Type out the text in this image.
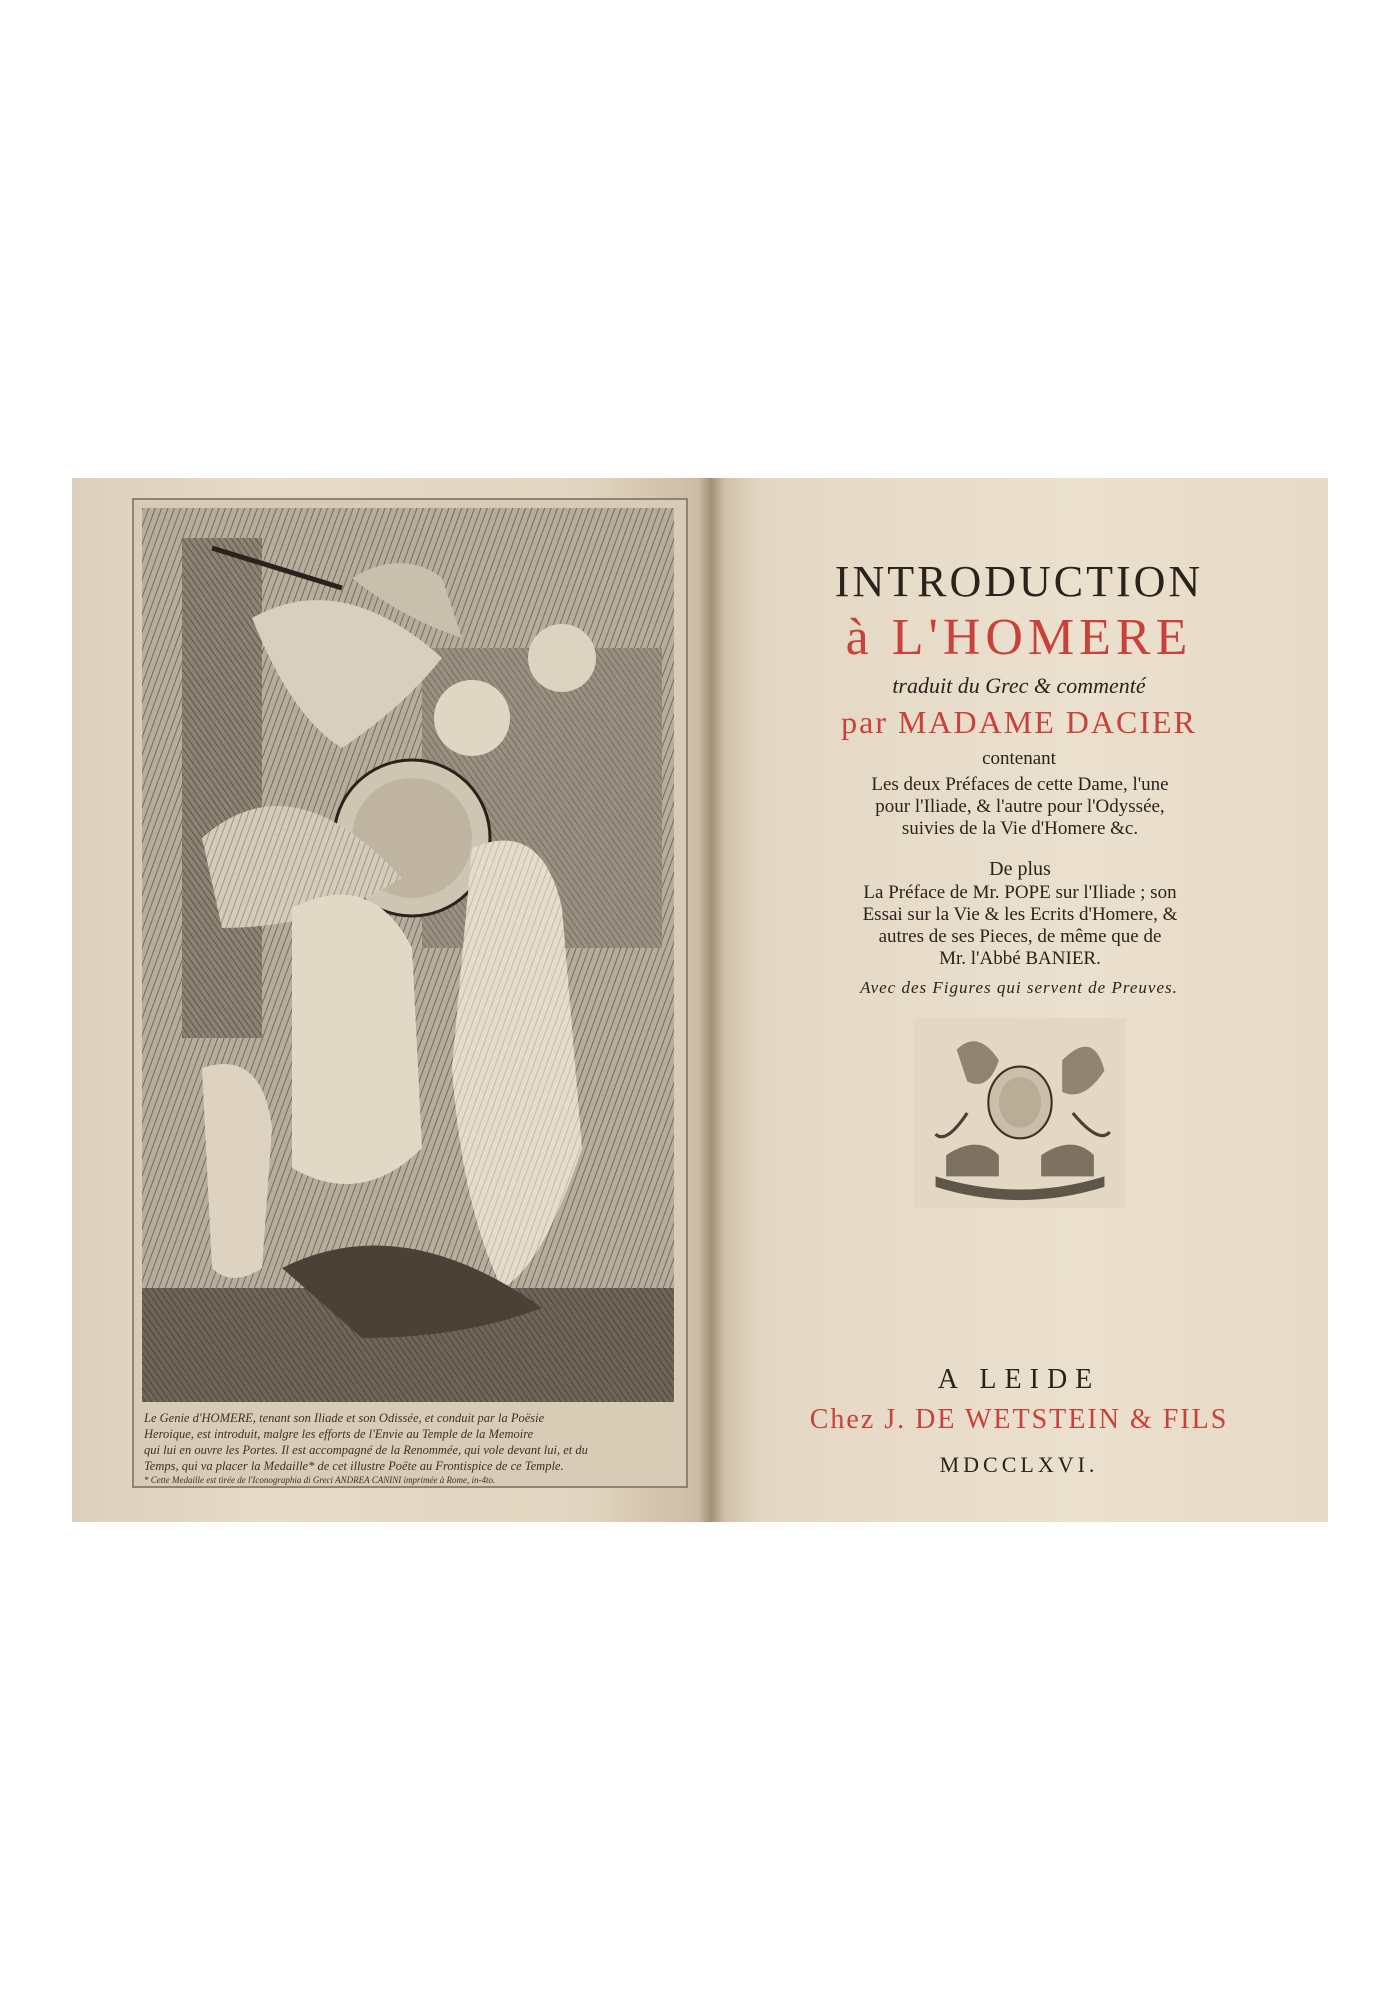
Le Genie d'HOMERE, tenant son Iliade et son Odissée, et conduit par la Poësie
Heroique, est introduit, malgre les efforts de l'Envie au Temple de la Memoire
qui lui en ouvre les Portes. Il est accompagné de la Renommée, qui vole devant lui, et du
Temps, qui va placer la Medaille* de cet illustre Poëte au Frontispice de ce Temple.
* Cette Medaille est tirée de l'Iconographia di Greci ANDREA CANINI imprimée à Rome, in-4to.
INTRODUCTION
à L'HOMERE
traduit du Grec & commenté
par MADAME DACIER
contenant
Les deux Préfaces de cette Dame, l'une
pour l'Iliade, & l'autre pour l'Odyssée,
suivies de la Vie d'Homere &c.
De plus
La Préface de Mr. POPE sur l'Iliade ; son
Essai sur la Vie & les Ecrits d'Homere, &
autres de ses Pieces, de même que de
Mr. l'Abbé BANIER.
Avec des Figures qui servent de Preuves.
A LEIDE
Chez J. DE WETSTEIN & FILS
MDCCLXVI.
